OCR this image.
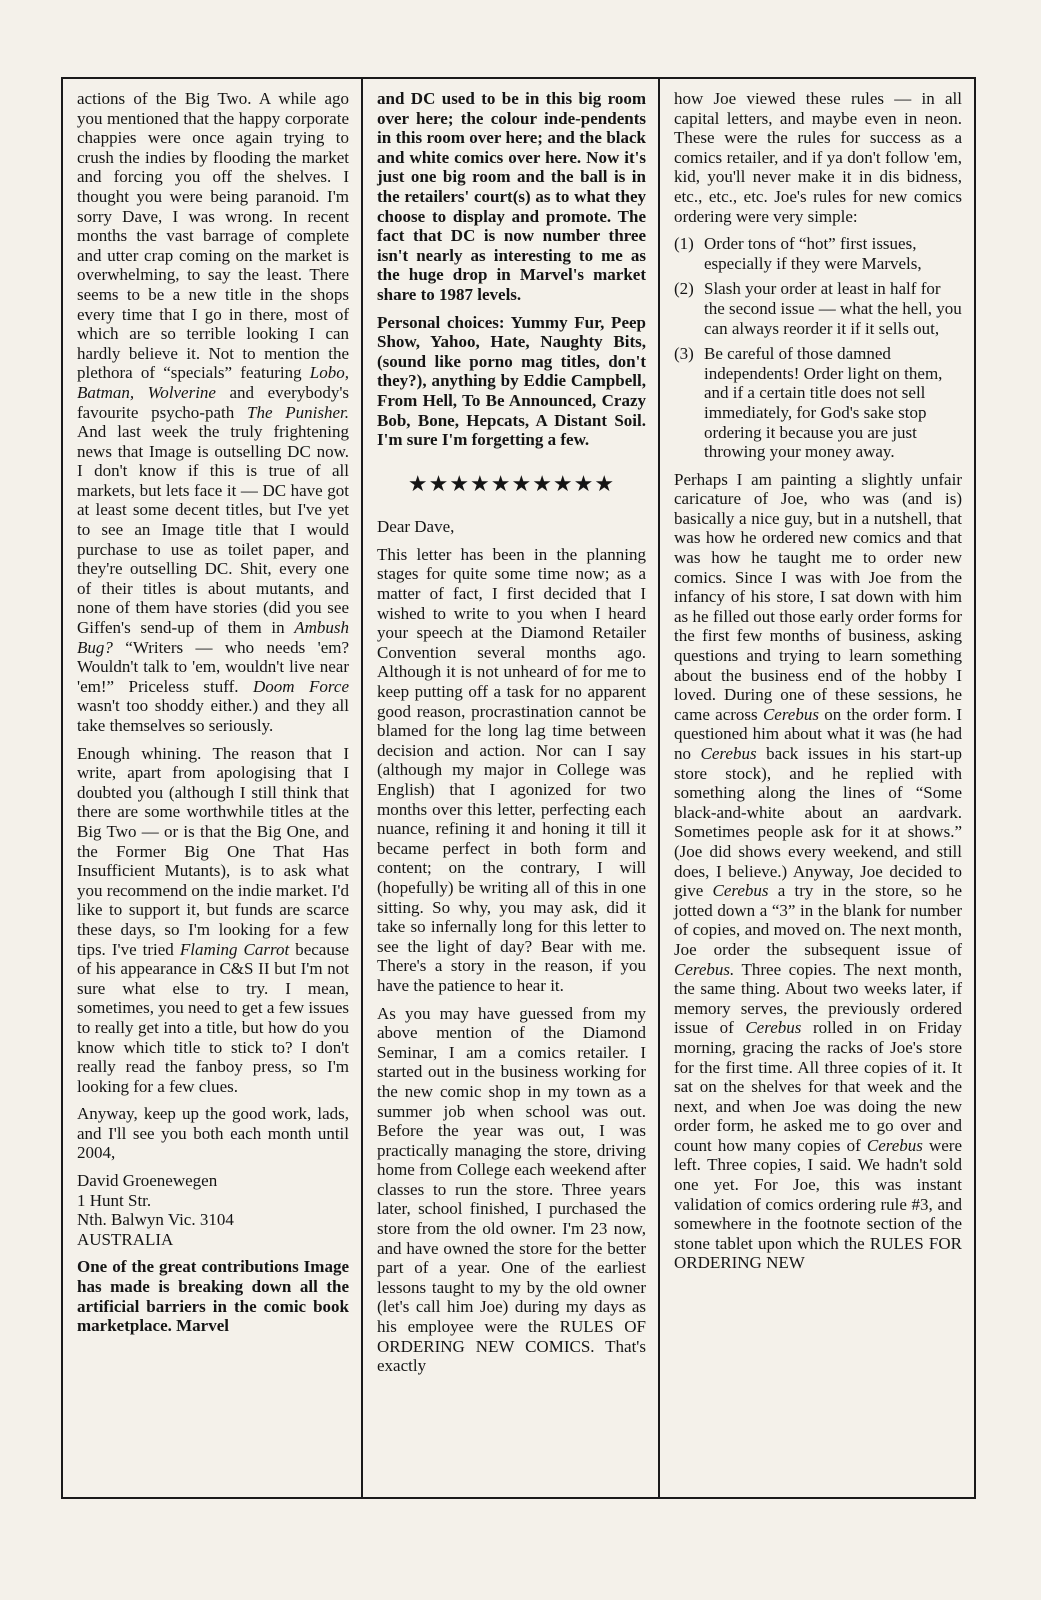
actions of the Big Two. A while ago you mentioned that the happy corporate chappies were once again trying to crush the indies by flooding the market and forcing you off the shelves. I thought you were being paranoid. I'm sorry Dave, I was wrong. In recent months the vast barrage of complete and utter crap coming on the market is overwhelming, to say the least. There seems to be a new title in the shops every time that I go in there, most of which are so terrible looking I can hardly believe it. Not to mention the plethora of “specials” featuring Lobo, Batman, Wolverine and everybody's favourite psycho-path The Punisher. And last week the truly frightening news that Image is outselling DC now. I don't know if this is true of all markets, but lets face it — DC have got at least some decent titles, but I've yet to see an Image title that I would purchase to use as toilet paper, and they're outselling DC. Shit, every one of their titles is about mutants, and none of them have stories (did you see Giffen's send-up of them in Ambush Bug? “Writers — who needs 'em? Wouldn't talk to 'em, wouldn't live near 'em!” Priceless stuff. Doom Force wasn't too shoddy either.) and they all take themselves so seriously.

Enough whining. The reason that I write, apart from apologising that I doubted you (although I still think that there are some worthwhile titles at the Big Two — or is that the Big One, and the Former Big One That Has Insufficient Mutants), is to ask what you recommend on the indie market. I'd like to support it, but funds are scarce these days, so I'm looking for a few tips. I've tried Flaming Carrot because of his appearance in C&S II but I'm not sure what else to try. I mean, sometimes, you need to get a few issues to really get into a title, but how do you know which title to stick to? I don't really read the fanboy press, so I'm looking for a few clues.

Anyway, keep up the good work, lads, and I'll see you both each month until 2004,

David Groenewegen

1 Hunt Str.

Nth. Balwyn Vic. 3104

AUSTRALIA

One of the great contributions Image has made is breaking down all the artificial barriers in the comic book marketplace. Marvel

and DC used to be in this big room over here; the colour inde-pendents in this room over here; and the black and white comics over here. Now it's just one big room and the ball is in the retailers' court(s) as to what they choose to display and promote. The fact that DC is now number three isn't nearly as interesting to me as the huge drop in Marvel's market share to 1987 levels.

Personal choices: Yummy Fur, Peep Show, Yahoo, Hate, Naughty Bits, (sound like porno mag titles, don't they?), anything by Eddie Campbell, From Hell, To Be Announced, Crazy Bob, Bone, Hepcats, A Distant Soil. I'm sure I'm forgetting a few.

★★★★★★★★★★

Dear Dave,

This letter has been in the planning stages for quite some time now; as a matter of fact, I first decided that I wished to write to you when I heard your speech at the Diamond Retailer Convention several months ago. Although it is not unheard of for me to keep putting off a task for no apparent good reason, procrastination cannot be blamed for the long lag time between decision and action. Nor can I say (although my major in College was English) that I agonized for two months over this letter, perfecting each nuance, refining it and honing it till it became perfect in both form and content; on the contrary, I will (hopefully) be writing all of this in one sitting. So why, you may ask, did it take so infernally long for this letter to see the light of day? Bear with me. There's a story in the reason, if you have the patience to hear it.

As you may have guessed from my above mention of the Diamond Seminar, I am a comics retailer. I started out in the business working for the new comic shop in my town as a summer job when school was out. Before the year was out, I was practically managing the store, driving home from College each weekend after classes to run the store. Three years later, school finished, I purchased the store from the old owner. I'm 23 now, and have owned the store for the better part of a year. One of the earliest lessons taught to my by the old owner (let's call him Joe) during my days as his employee were the RULES OF ORDERING NEW COMICS. That's exactly

how Joe viewed these rules — in all capital letters, and maybe even in neon. These were the rules for success as a comics retailer, and if ya don't follow 'em, kid, you'll never make it in dis bidness, etc., etc., etc. Joe's rules for new comics ordering were very simple:

(1) Order tons of “hot” first issues, especially if they were Marvels,
(2) Slash your order at least in half for the second issue — what the hell, you can always reorder it if it sells out,
(3) Be careful of those damned independents! Order light on them, and if a certain title does not sell immediately, for God's sake stop ordering it because you are just throwing your money away.

Perhaps I am painting a slightly unfair caricature of Joe, who was (and is) basically a nice guy, but in a nutshell, that was how he ordered new comics and that was how he taught me to order new comics. Since I was with Joe from the infancy of his store, I sat down with him as he filled out those early order forms for the first few months of business, asking questions and trying to learn something about the business end of the hobby I loved. During one of these sessions, he came across Cerebus on the order form. I questioned him about what it was (he had no Cerebus back issues in his start-up store stock), and he replied with something along the lines of “Some black-and-white about an aardvark. Sometimes people ask for it at shows.” (Joe did shows every weekend, and still does, I believe.) Anyway, Joe decided to give Cerebus a try in the store, so he jotted down a “3” in the blank for number of copies, and moved on. The next month, Joe order the subsequent issue of Cerebus. Three copies. The next month, the same thing. About two weeks later, if memory serves, the previously ordered issue of Cerebus rolled in on Friday morning, gracing the racks of Joe's store for the first time. All three copies of it. It sat on the shelves for that week and the next, and when Joe was doing the new order form, he asked me to go over and count how many copies of Cerebus were left. Three copies, I said. We hadn't sold one yet. For Joe, this was instant validation of comics ordering rule #3, and somewhere in the footnote section of the stone tablet upon which the RULES FOR ORDERING NEW
